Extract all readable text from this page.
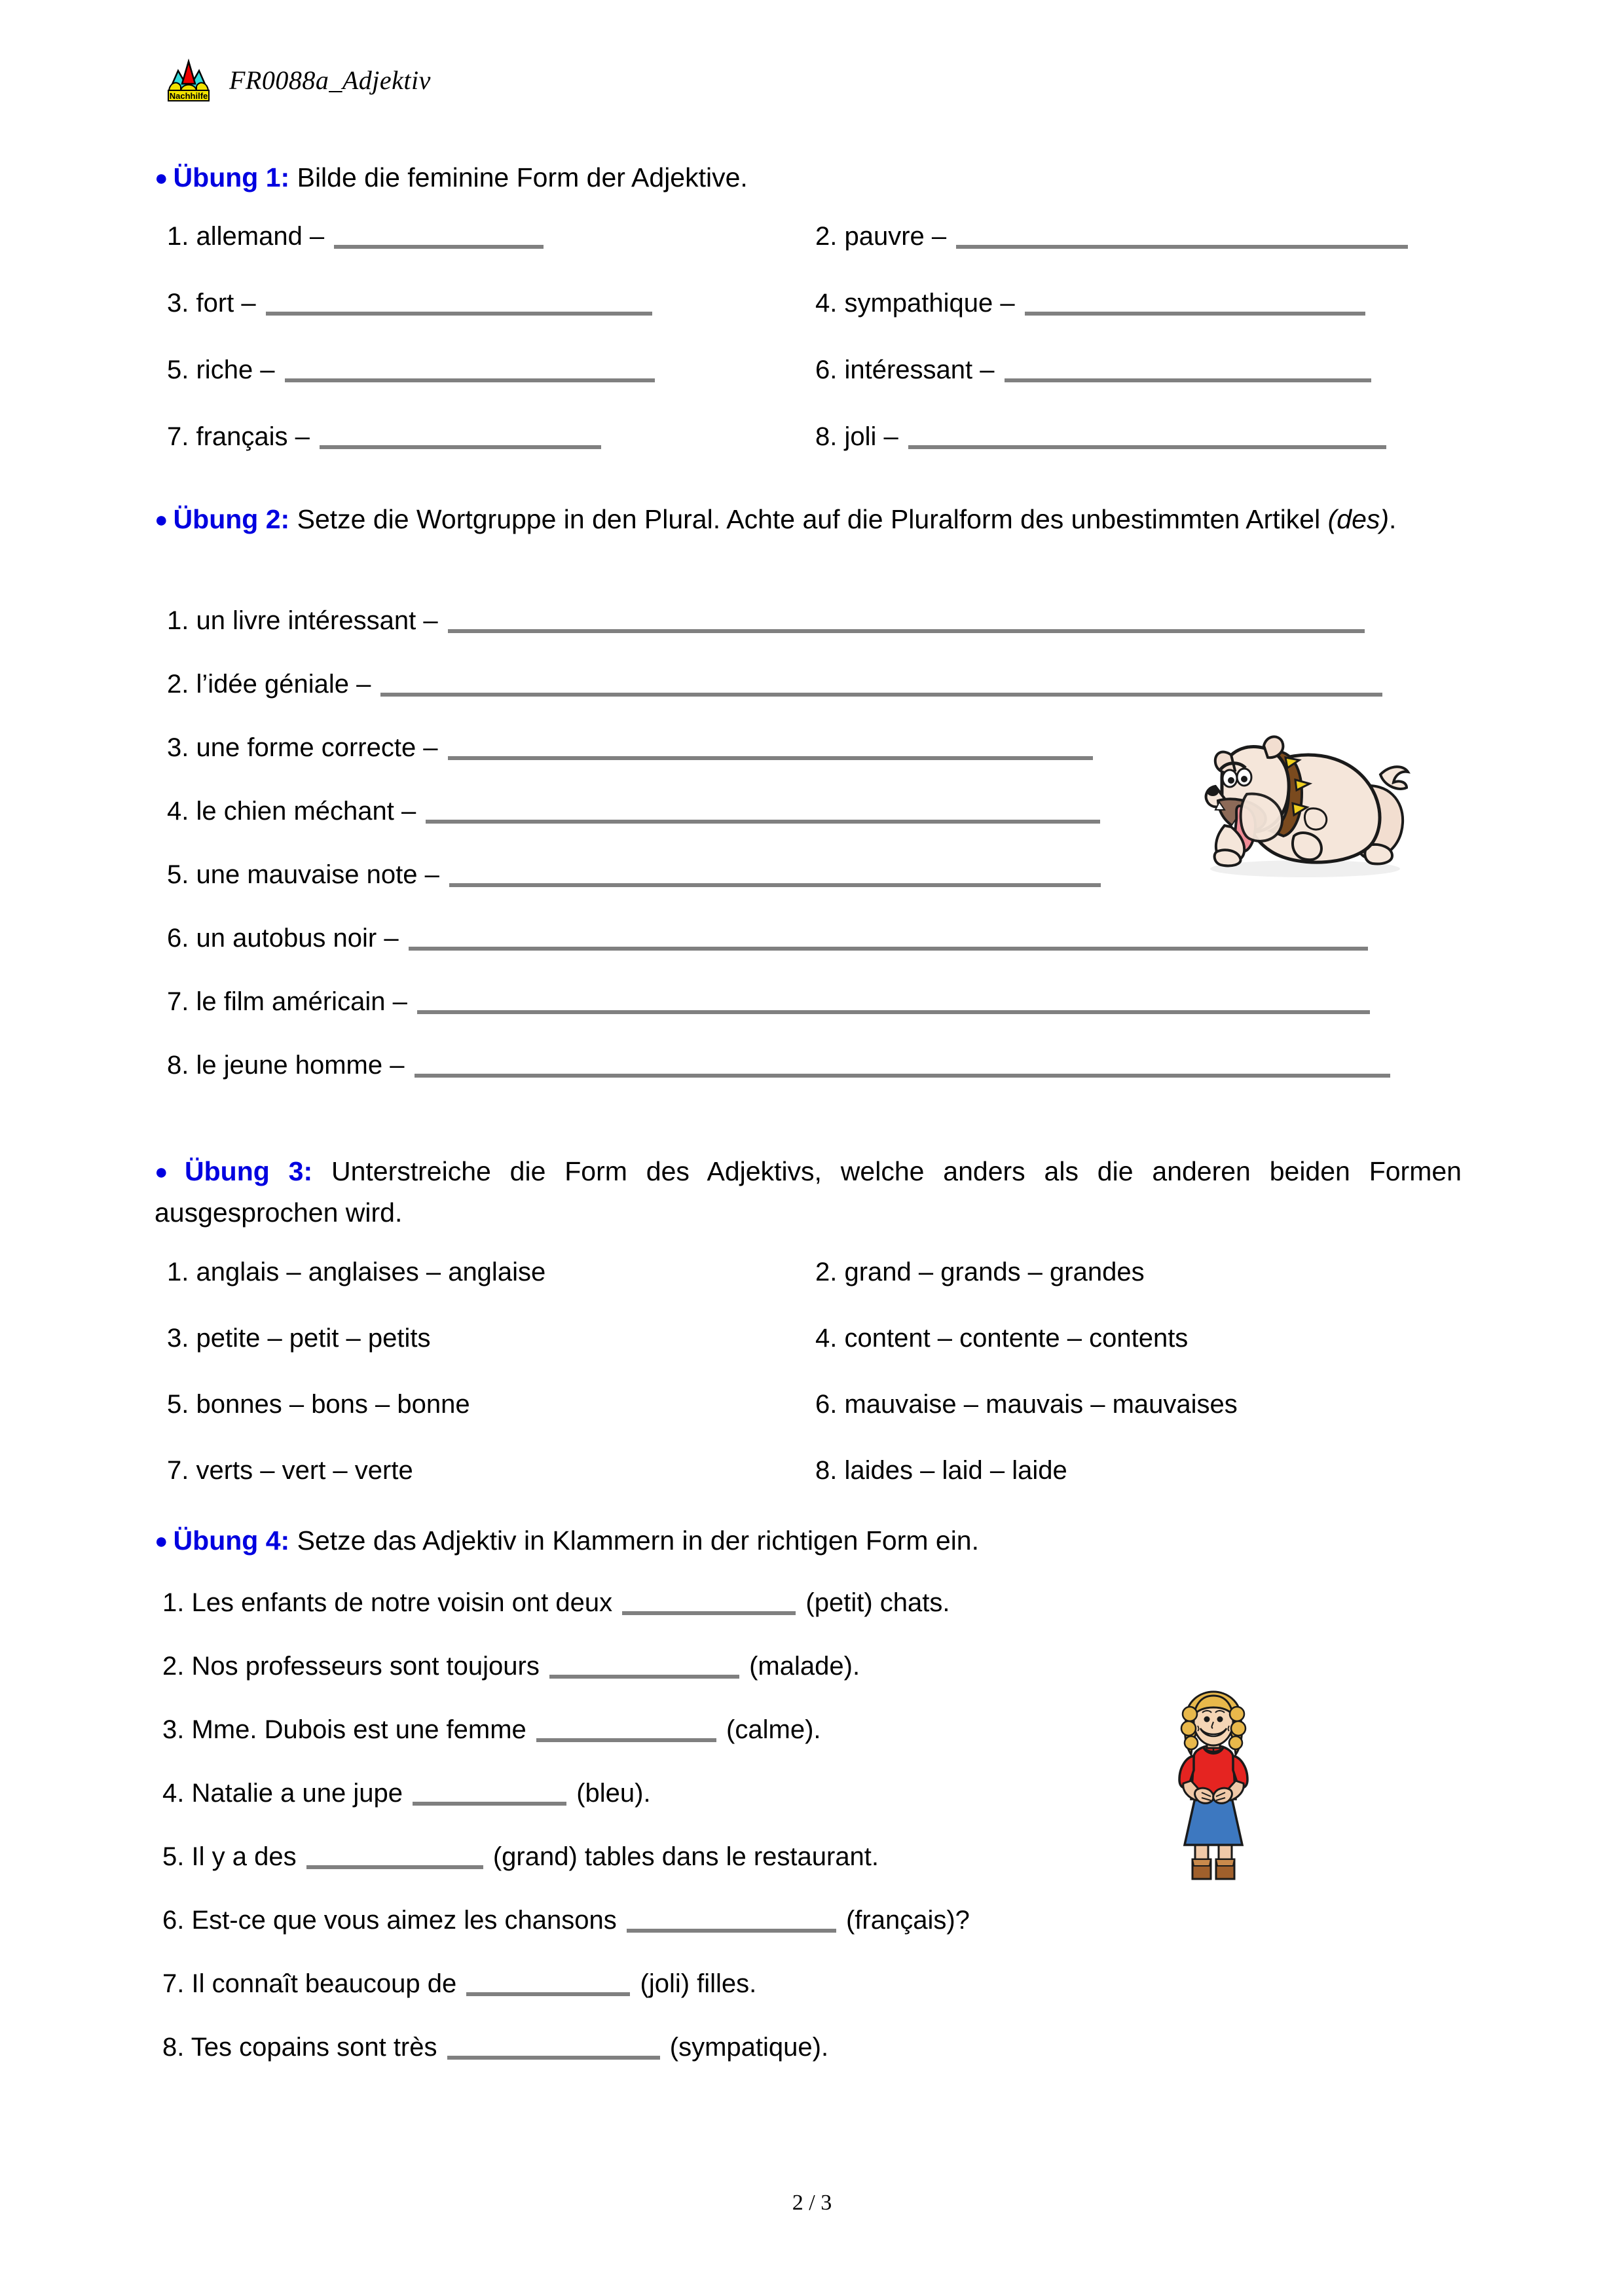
Nachhilfe
FR0088a_Adjektiv
● Übung 1: Bilde die feminine Form der Adjektive.
1. allemand –	2. pauvre –
3. fort –	4. sympathique –
5. riche –	6. intéressant –
7. français –	8. joli –
● Übung 2: Setze die Wortgruppe in den Plural. Achte auf die Pluralform des unbestimmten Artikel (des).
1. un livre intéressant –
2. l’idée géniale –
3. une forme correcte –
4. le chien méchant –
5. une mauvaise note –
6. un autobus noir –
7. le film américain –
8. le jeune homme –
● Übung 3: Unterstreiche die Form des Adjektivs, welche anders als die anderen beiden Formen ausgesprochen wird.
1. anglais – anglaises – anglaise	2. grand – grands – grandes
3. petite – petit – petits	4. content – contente – contents
5. bonnes – bons – bonne	6. mauvaise – mauvais – mauvaises
7. verts – vert – verte	8. laides – laid – laide
● Übung 4: Setze das Adjektiv in Klammern in der richtigen Form ein.
1. Les enfants de notre voisin ont deux	(petit) chats.
2. Nos professeurs sont toujours	(malade).
3. Mme. Dubois est une femme	(calme).
4. Natalie a une jupe	(bleu).
5. Il y a des	(grand) tables dans le restaurant.
6. Est-ce que vous aimez les chansons	(français)?
7. Il connaît beaucoup de	(joli) filles.
8. Tes copains sont très	(sympatique).
2 / 3
